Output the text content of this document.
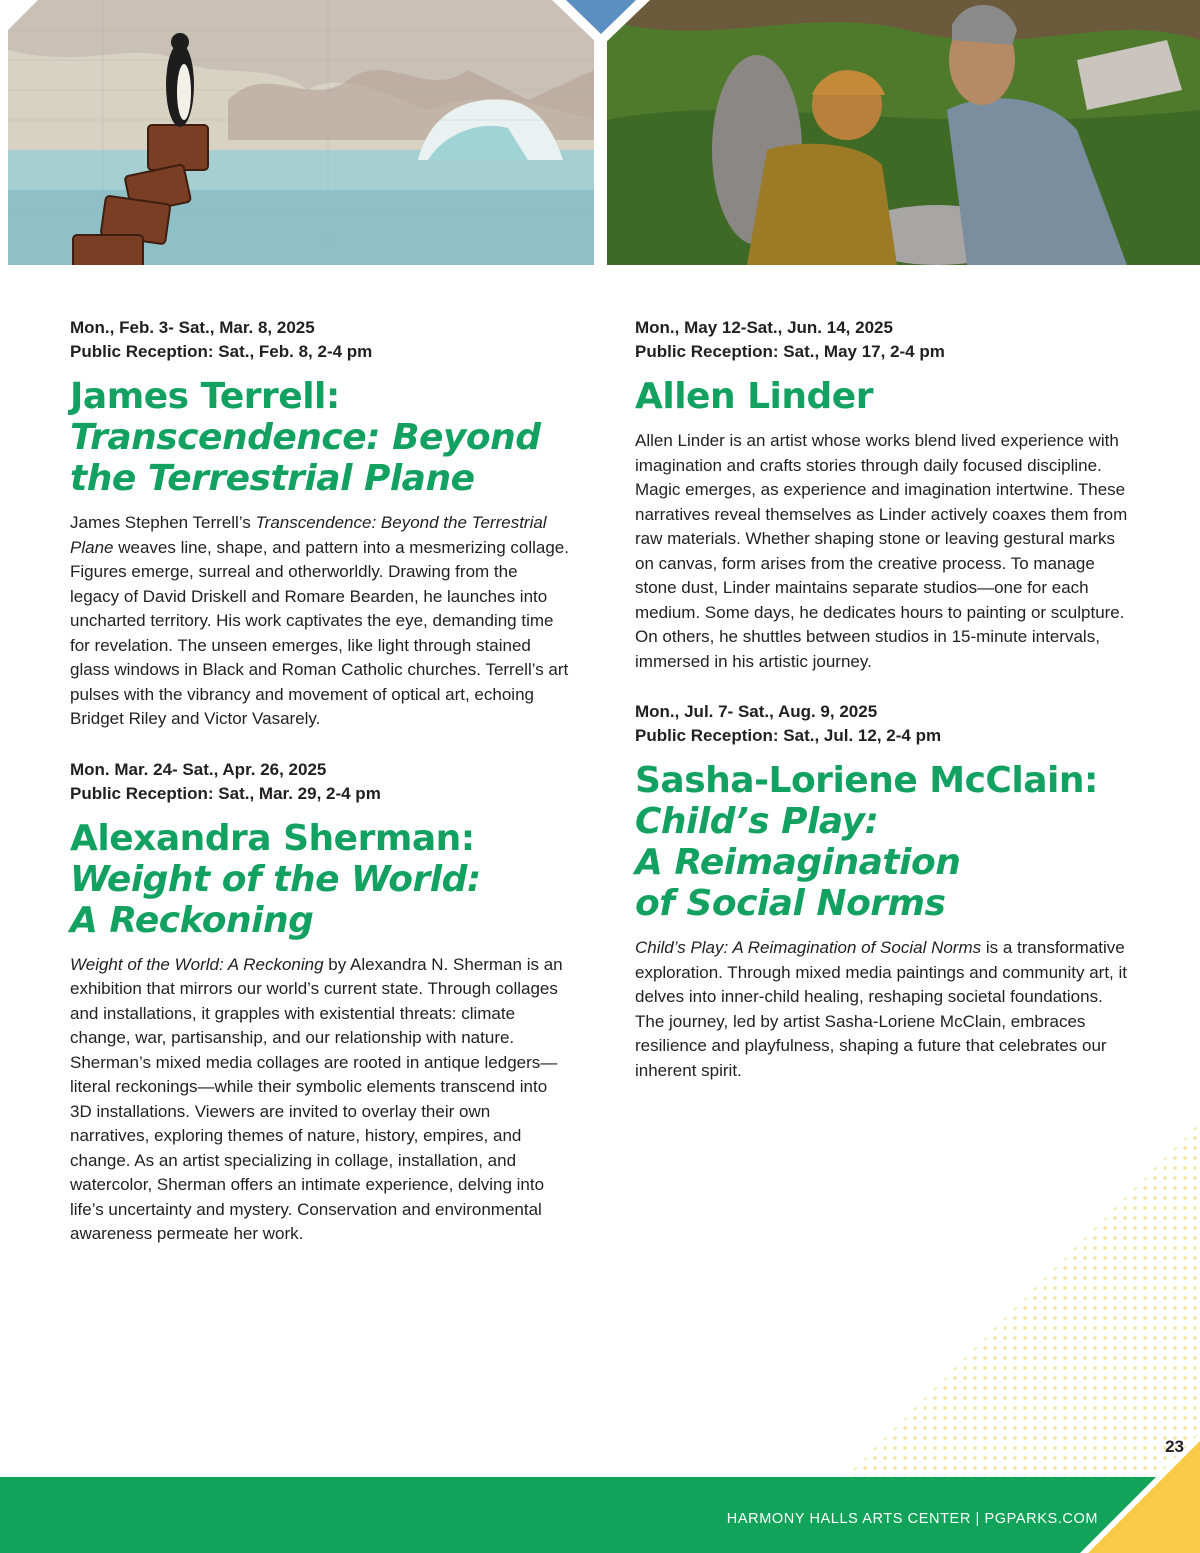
Mon., Feb. 3- Sat., Mar. 8, 2025
Public Reception: Sat., Feb. 8, 2-4 pm
James Terrell:
Transcendence: Beyond
the Terrestrial Plane

James Stephen Terrell’s Transcendence: Beyond the Terrestrial Plane weaves line, shape, and pattern into a mesmerizing collage. Figures emerge, surreal and otherworldly. Drawing from the legacy of David Driskell and Romare Bearden, he launches into uncharted territory. His work captivates the eye, demanding time for revelation. The unseen emerges, like light through stained glass windows in Black and Roman Catholic churches. Terrell’s art pulses with the vibrancy and movement of optical art, echoing Bridget Riley and Victor Vasarely.

Mon. Mar. 24- Sat., Apr. 26, 2025
Public Reception: Sat., Mar. 29, 2-4 pm
Alexandra Sherman:
Weight of the World:
A Reckoning

Weight of the World: A Reckoning by Alexandra N. Sherman is an exhibition that mirrors our world’s current state. Through collages and installations, it grapples with existential threats: climate change, war, partisanship, and our relationship with nature. Sherman’s mixed media collages are rooted in antique ledgers—literal reckonings—while their symbolic elements transcend into 3D installations. Viewers are invited to overlay their own narratives, exploring themes of nature, history, empires, and change. As an artist specializing in collage, installation, and watercolor, Sherman offers an intimate experience, delving into life’s uncertainty and mystery. Conservation and environmental awareness permeate her work.

Mon., May 12-Sat., Jun. 14, 2025
Public Reception: Sat., May 17, 2-4 pm
Allen Linder

Allen Linder is an artist whose works blend lived experience with imagination and crafts stories through daily focused discipline. Magic emerges, as experience and imagination intertwine. These narratives reveal themselves as Linder actively coaxes them from raw materials. Whether shaping stone or leaving gestural marks on canvas, form arises from the creative process. To manage stone dust, Linder maintains separate studios—one for each medium. Some days, he dedicates hours to painting or sculpture. On others, he shuttles between studios in 15-minute intervals, immersed in his artistic journey.

Mon., Jul. 7- Sat., Aug. 9, 2025
Public Reception: Sat., Jul. 12, 2-4 pm
Sasha-Loriene McClain:
Child’s Play:
A Reimagination
of Social Norms

Child’s Play: A Reimagination of Social Norms is a transformative exploration. Through mixed media paintings and community art, it delves into inner-child healing, reshaping societal foundations. The journey, led by artist Sasha-Loriene McClain, embraces resilience and playfulness, shaping a future that celebrates our inherent spirit.

HARMONY HALLS ARTS CENTER | PGPARKS.COM
23
